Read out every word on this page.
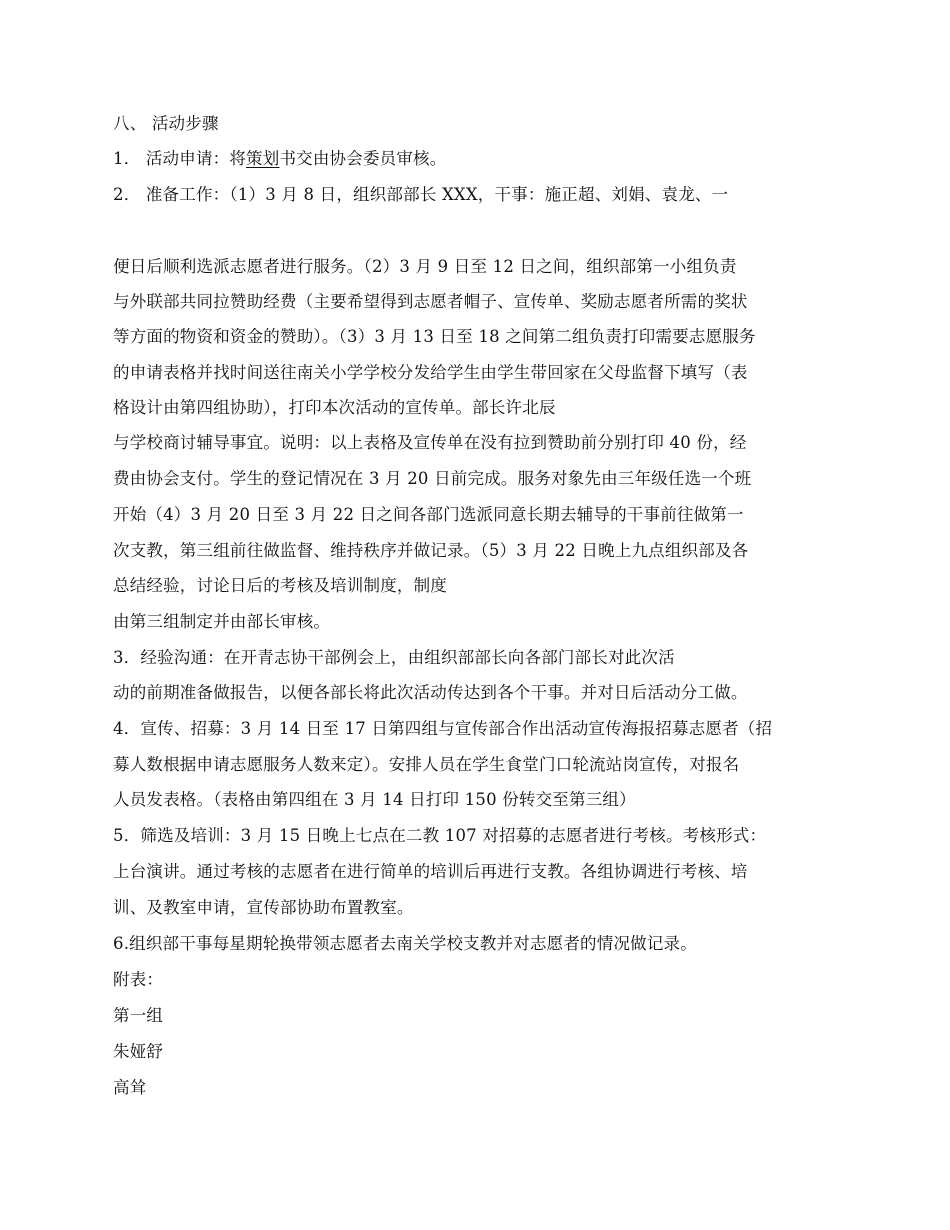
八、 活动步骤
1． 活动申请：将策划书交由协会委员审核。
2． 准备工作：（1）3 月 8 日，组织部部长 XXX，干事：施正超、刘娟、袁龙、一
便日后顺利选派志愿者进行服务。（2）3 月 9 日至 12 日之间，组织部第一小组负责
与外联部共同拉赞助经费（主要希望得到志愿者帽子、宣传单、奖励志愿者所需的奖状
等方面的物资和资金的赞助）。（3）3 月 13 日至 18 之间第二组负责打印需要志愿服务
的申请表格并找时间送往南关小学学校分发给学生由学生带回家在父母监督下填写（表
格设计由第四组协助），打印本次活动的宣传单。部长许北辰
与学校商讨辅导事宜。说明：以上表格及宣传单在没有拉到赞助前分别打印 40 份，经
费由协会支付。学生的登记情况在 3 月 20 日前完成。服务对象先由三年级任选一个班
开始（4）3 月 20 日至 3 月 22 日之间各部门选派同意长期去辅导的干事前往做第一
次支教，第三组前往做监督、维持秩序并做记录。（5）3 月 22 日晚上九点组织部及各
总结经验，讨论日后的考核及培训制度，制度
由第三组制定并由部长审核。
3．经验沟通：在开青志协干部例会上，由组织部部长向各部门部长对此次活
动的前期准备做报告，以便各部长将此次活动传达到各个干事。并对日后活动分工做。
4．宣传、招募：3 月 14 日至 17 日第四组与宣传部合作出活动宣传海报招募志愿者（招
募人数根据申请志愿服务人数来定）。安排人员在学生食堂门口轮流站岗宣传，对报名
人员发表格。（表格由第四组在 3 月 14 日打印 150 份转交至第三组）
5．筛选及培训：3 月 15 日晚上七点在二教 107 对招募的志愿者进行考核。考核形式：
上台演讲。通过考核的志愿者在进行简单的培训后再进行支教。各组协调进行考核、培
训、及教室申请，宣传部协助布置教室。
6.组织部干事每星期轮换带领志愿者去南关学校支教并对志愿者的情况做记录。
附表：
第一组
朱娅舒
高耸
